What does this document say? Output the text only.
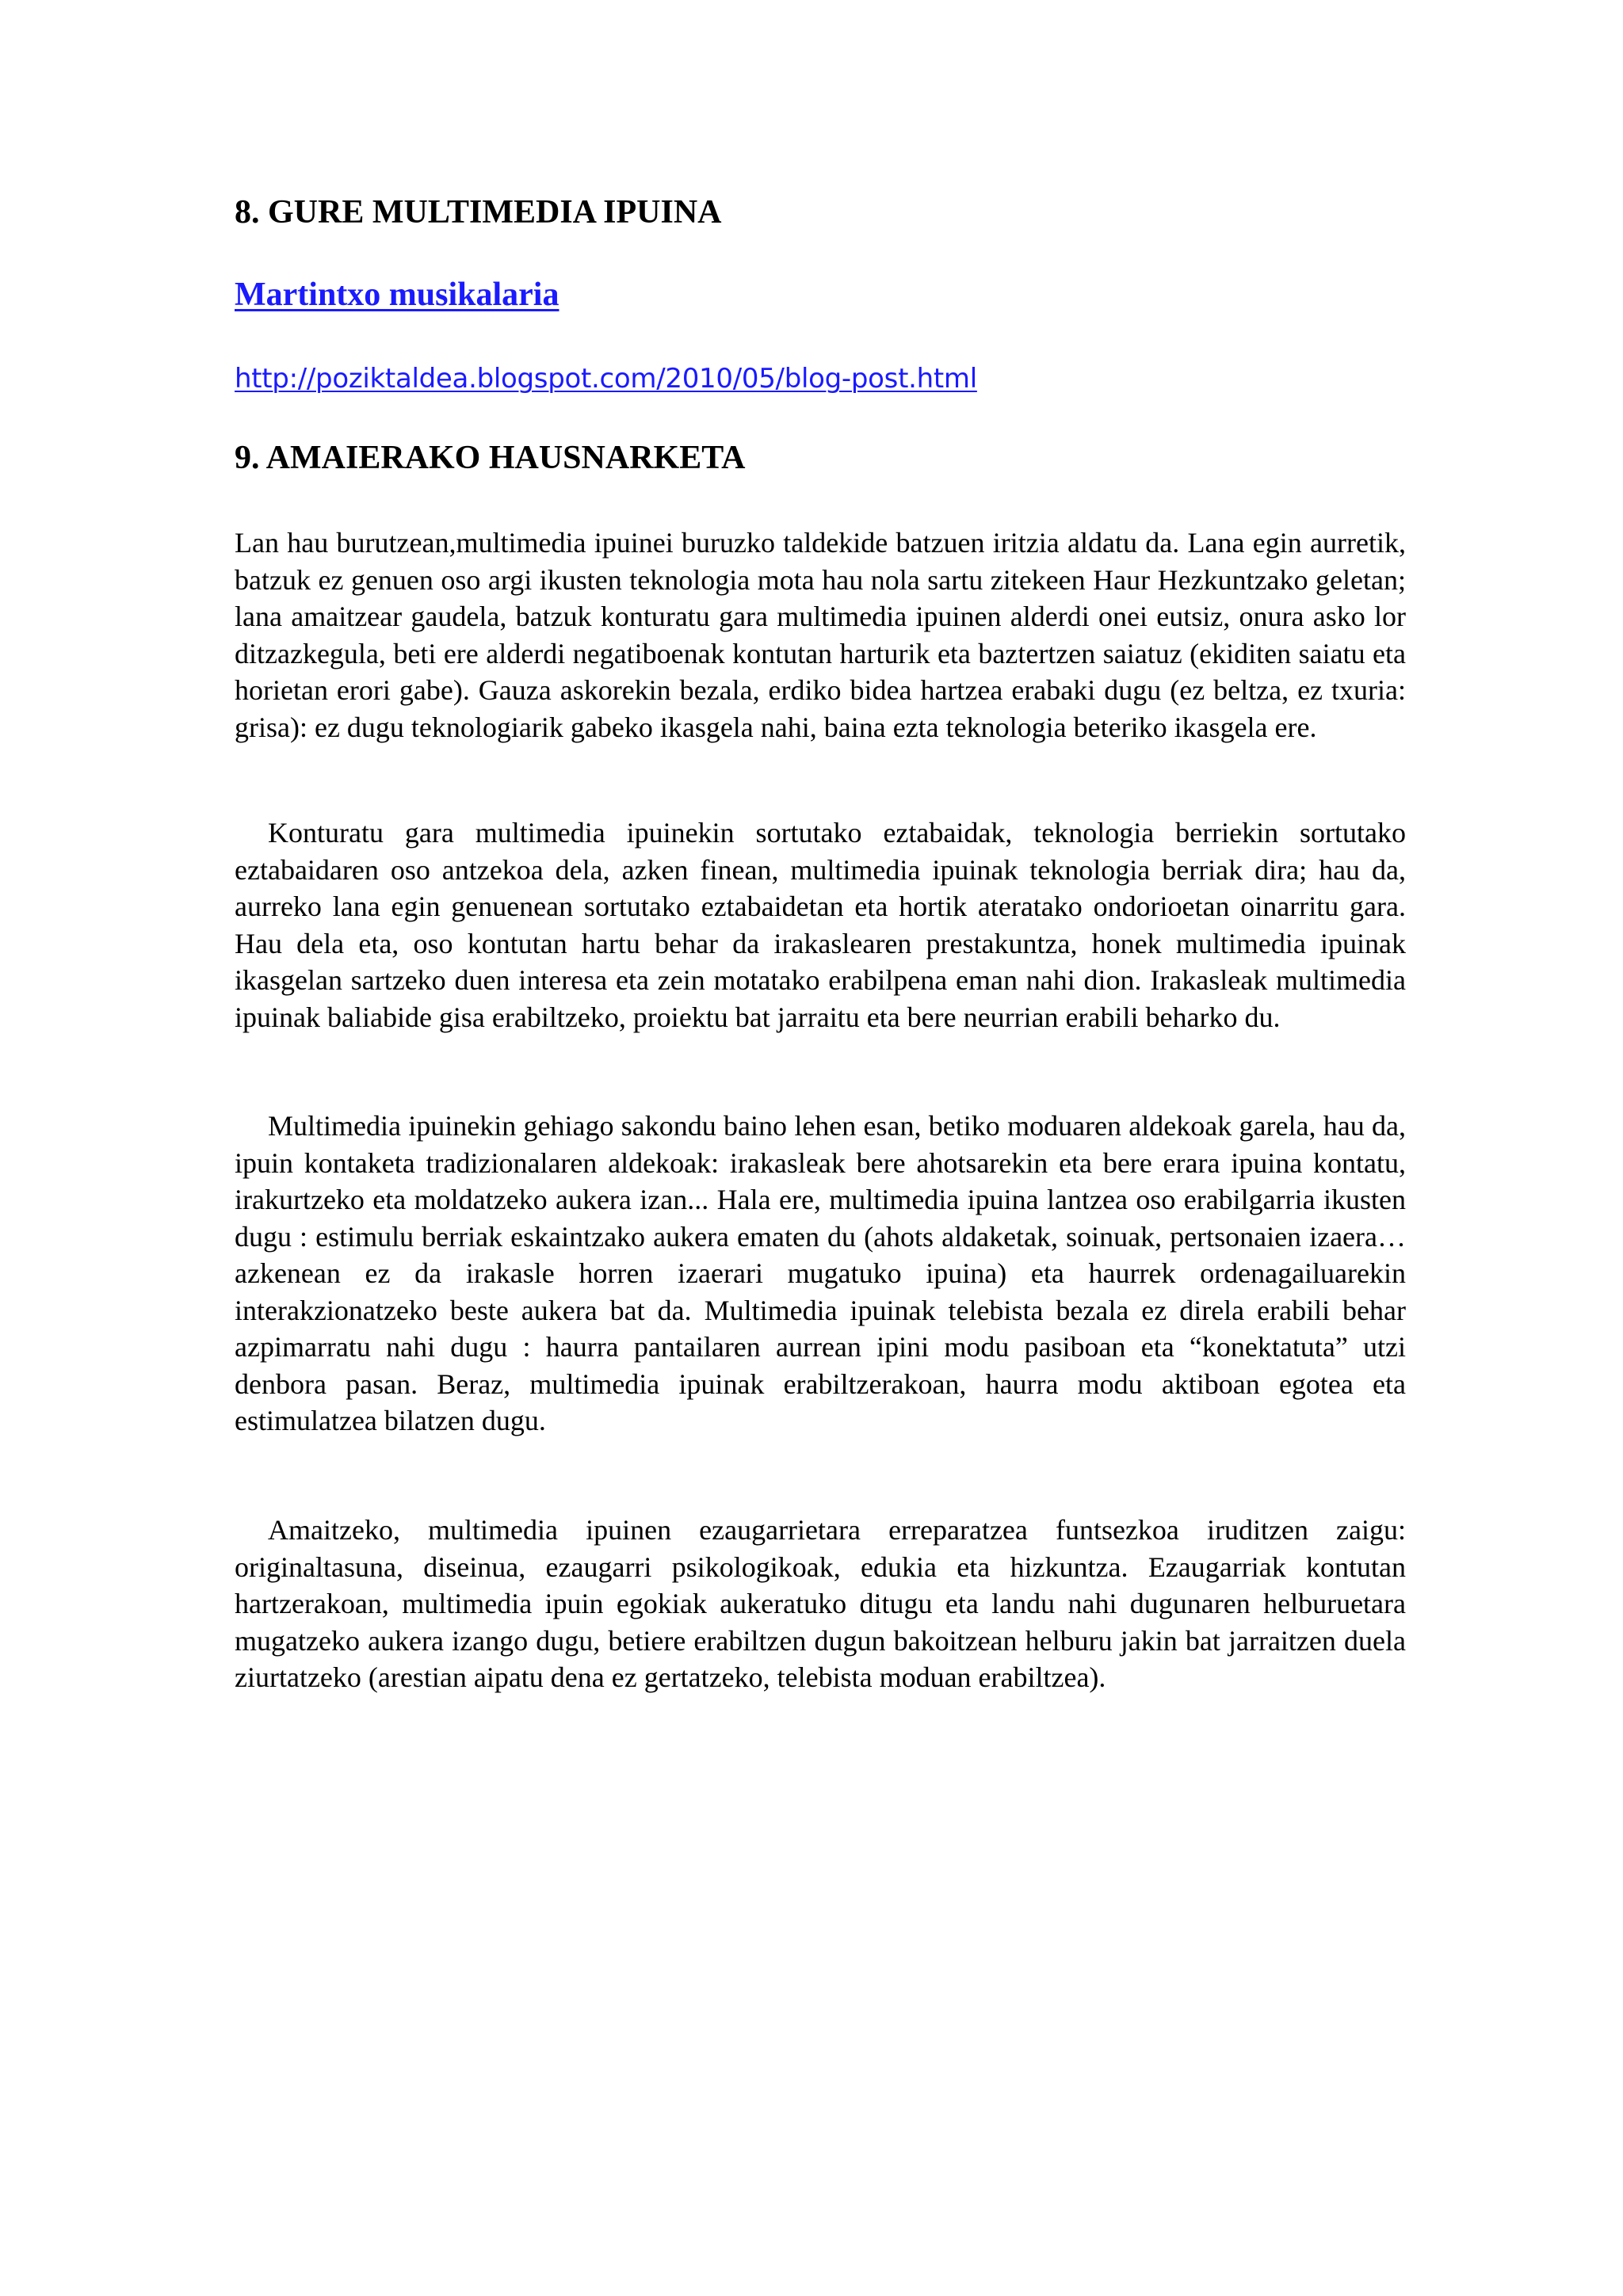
8. GURE MULTIMEDIA IPUINA
Martintxo musikalaria
http://poziktaldea.blogspot.com/2010/05/blog-post.html
9. AMAIERAKO HAUSNARKETA

Lan hau burutzean,multimedia ipuinei buruzko taldekide batzuen iritzia aldatu da. Lana egin aurretik, batzuk ez genuen oso argi ikusten teknologia mota hau nola sartu zitekeen Haur Hezkuntzako geletan; lana amaitzear gaudela, batzuk konturatu gara multimedia ipuinen alderdi onei eutsiz, onura asko lor ditzazkegula, beti ere alderdi negatiboenak kontutan harturik eta baztertzen saiatuz (ekiditen saiatu eta horietan erori gabe). Gauza askorekin bezala, erdiko bidea hartzea erabaki dugu (ez beltza, ez txuria: grisa): ez dugu teknologiarik gabeko ikasgela nahi, baina ezta teknologia beteriko ikasgela ere.

Konturatu gara multimedia ipuinekin sortutako eztabaidak, teknologia berriekin sortutako eztabaidaren oso antzekoa dela, azken finean, multimedia ipuinak teknologia berriak dira; hau da, aurreko lana egin genuenean sortutako eztabaidetan eta hortik ateratako ondorioetan oinarritu gara. Hau dela eta, oso kontutan hartu behar da irakaslearen prestakuntza, honek multimedia ipuinak ikasgelan sartzeko duen interesa eta zein motatako erabilpena eman nahi dion. Irakasleak multimedia ipuinak baliabide gisa erabiltzeko, proiektu bat jarraitu eta bere neurrian erabili beharko du.

Multimedia ipuinekin gehiago sakondu baino lehen esan, betiko moduaren aldekoak garela, hau da, ipuin kontaketa tradizionalaren aldekoak: irakasleak bere ahotsarekin eta bere erara ipuina kontatu, irakurtzeko eta moldatzeko aukera izan... Hala ere, multimedia ipuina lantzea oso erabilgarria ikusten dugu : estimulu berriak eskaintzako aukera ematen du (ahots aldaketak, soinuak, pertsonaien izaera… azkenean ez da irakasle horren izaerari mugatuko ipuina) eta haurrek ordenagailuarekin interakzionatzeko beste aukera bat da. Multimedia ipuinak telebista bezala ez direla erabili behar azpimarratu nahi dugu : haurra pantailaren aurrean ipini modu pasiboan eta “konektatuta” utzi denbora pasan. Beraz, multimedia ipuinak erabiltzerakoan, haurra modu aktiboan egotea eta estimulatzea bilatzen dugu.

Amaitzeko, multimedia ipuinen ezaugarrietara erreparatzea funtsezkoa iruditzen zaigu: originaltasuna, diseinua, ezaugarri psikologikoak, edukia eta hizkuntza. Ezaugarriak kontutan hartzerakoan, multimedia ipuin egokiak aukeratuko ditugu eta landu nahi dugunaren helburuetara mugatzeko aukera izango dugu, betiere erabiltzen dugun bakoitzean helburu jakin bat jarraitzen duela ziurtatzeko (arestian aipatu dena ez gertatzeko, telebista moduan erabiltzea).
